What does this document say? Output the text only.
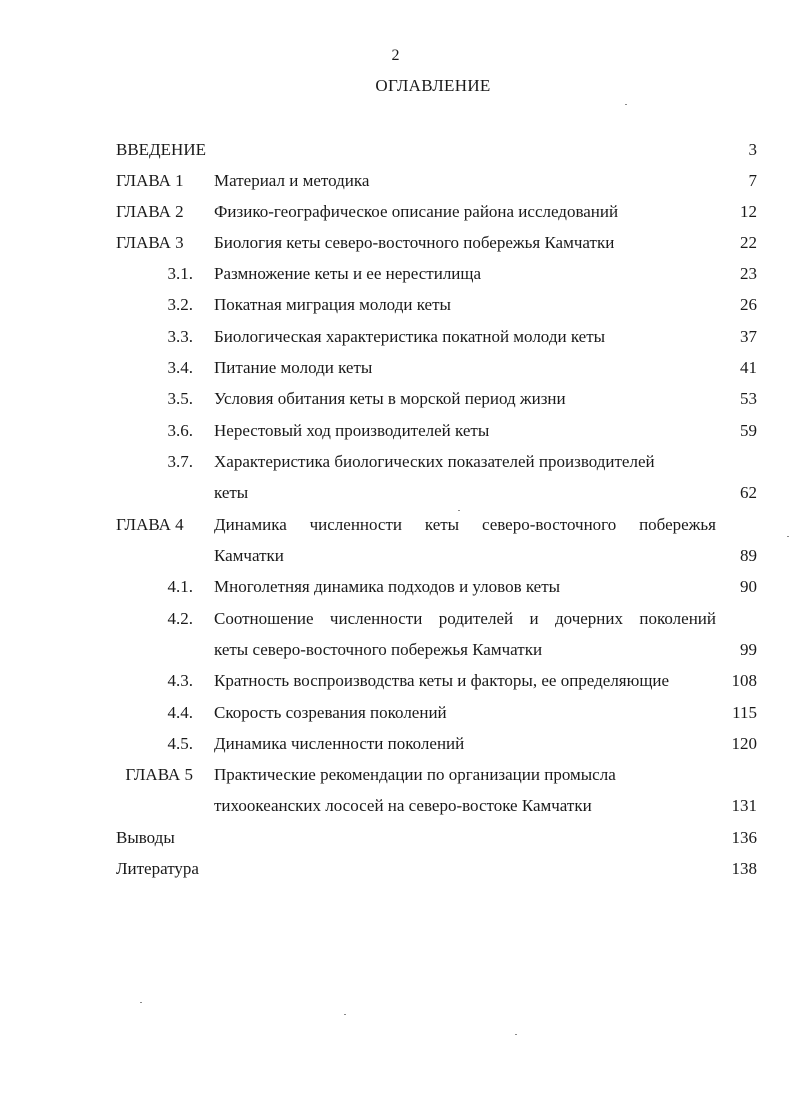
2
ОГЛАВЛЕНИЕ
ВВЕДЕНИЕ	3
ГЛАВА 1 Материал и методика	7
ГЛАВА 2 Физико-географическое описание района исследований	12
ГЛАВА 3 Биология кеты северо-восточного побережья Камчатки	22
3.1. Размножение кеты и ее нерестилища	23
3.2. Покатная миграция молоди кеты	26
3.3. Биологическая характеристика покатной молоди кеты	37
3.4. Питание молоди кеты	41
3.5. Условия обитания кеты в морской период жизни	53
3.6. Нерестовый ход производителей кеты	59
3.7. Характеристика биологических показателей производителей
кеты	62
ГЛАВА 4 Динамика численности кеты северо-восточного побережья
Камчатки	89
4.1. Многолетняя динамика подходов и уловов кеты	90
4.2. Соотношение численности родителей и дочерних поколений
кеты северо-восточного побережья Камчатки	99
4.3. Кратность воспроизводства кеты и факторы, ее определяющие	108
4.4. Скорость созревания поколений	115
4.5. Динамика численности поколений	120
ГЛАВА 5 Практические рекомендации по организации промысла
тихоокеанских лососей на северо-востоке Камчатки	131
Выводы	136
Литература	138
